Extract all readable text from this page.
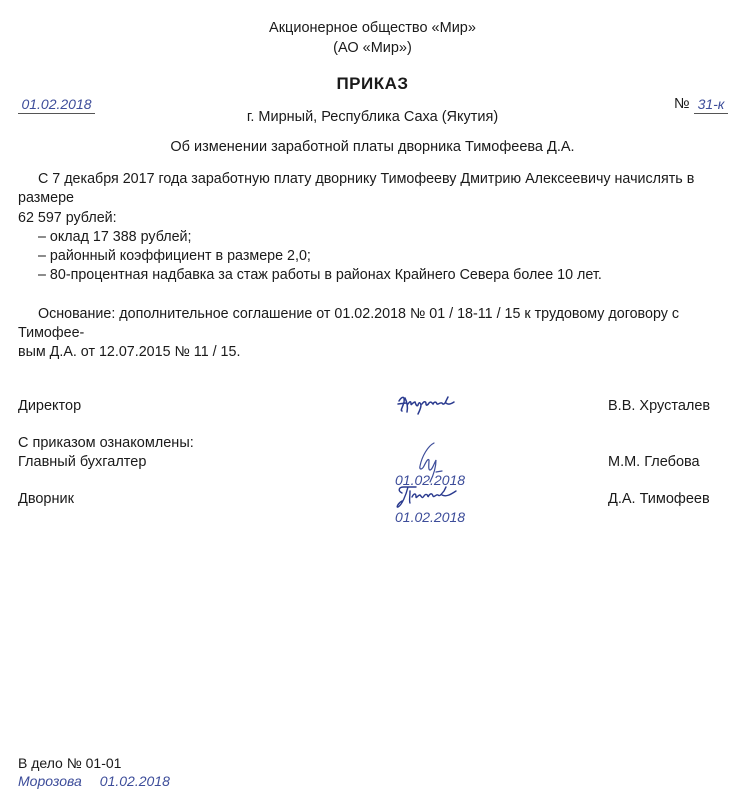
Акционерное общество «Мир»
(АО «Мир»)
ПРИКАЗ
01.02.2018	№ 31-к
г. Мирный, Республика Саха (Якутия)
Об изменении заработной платы дворника Тимофеева Д.А.

С 7 декабря 2017 года заработную плату дворнику Тимофееву Дмитрию Алексеевичу начислять в размере

62 597 рублей:

– оклад 17 388 рублей;

– районный коэффициент в размере 2,0;

– 80-процентная надбавка за стаж работы в районах Крайнего Севера более 10 лет.

Основание: дополнительное соглашение от 01.02.2018 № 01 / 18-11 / 15 к трудовому договору с Тимофее-

вым Д.А. от 12.07.2015 № 11 / 15.

Директор	В.В. Хрусталев
С приказом ознакомлены:
Главный бухгалтер
01.02.2018
М.М. Глебова
Дворник
01.02.2018
Д.А. Тимофеев
В дело № 01-01
Морозова 01.02.2018
